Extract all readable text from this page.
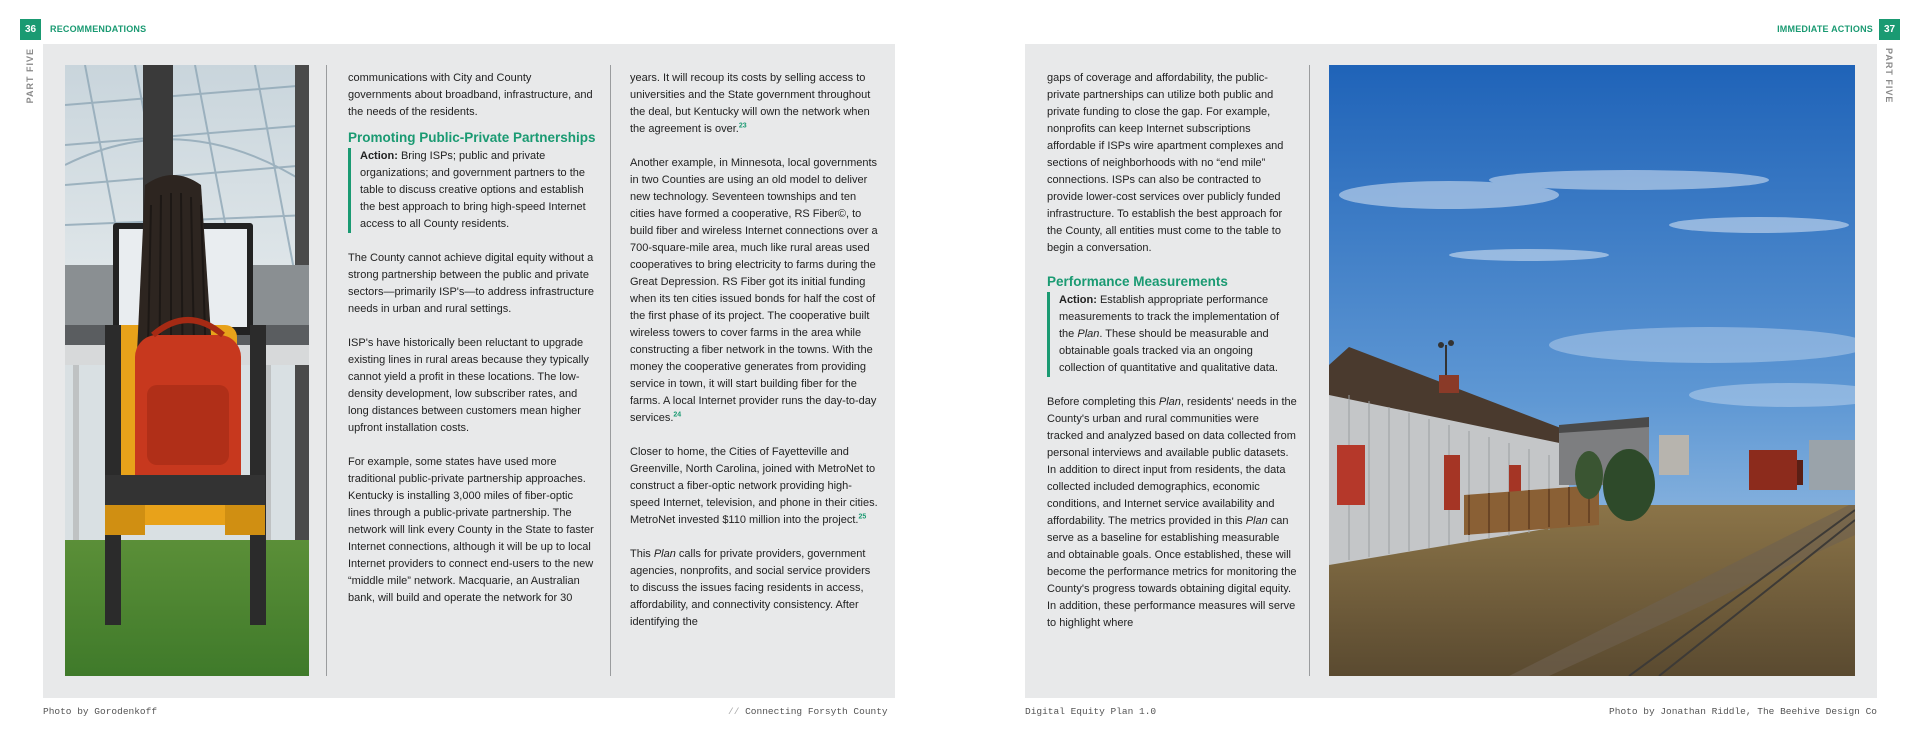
36	RECOMMENDATIONS
PART FIVE	communications with City and County governments about broadband, infrastructure, and the needs of the residents.

Promoting Public-Private Partnerships
Action: Bring ISPs; public and private organizations; and government partners to the table to discuss creative options and establish the best approach to bring high-speed Internet access to all County residents.

The County cannot achieve digital equity without a strong partnership between the public and private sectors—primarily ISP's—to address infrastructure needs in urban and rural settings.

ISP's have historically been reluctant to upgrade existing lines in rural areas because they typically cannot yield a profit in these locations. The low-density development, low subscriber rates, and long distances between customers mean higher upfront installation costs.

For example, some states have used more traditional public-private partnership approaches. Kentucky is installing 3,000 miles of fiber-optic lines through a public-private partnership. The network will link every County in the State to faster Internet connections, although it will be up to local Internet providers to connect end-users to the new “middle mile” network. Macquarie, an Australian bank, will build and operate the network for 30

years. It will recoup its costs by selling access to universities and the State government throughout the deal, but Kentucky will own the network when the agreement is over.$^{23}$

Another example, in Minnesota, local governments in two Counties are using an old model to deliver new technology. Seventeen townships and ten cities have formed a cooperative, RS Fiber©, to build fiber and wireless Internet connections over a 700-square-mile area, much like rural areas used cooperatives to bring electricity to farms during the Great Depression. RS Fiber got its initial funding when its ten cities issued bonds for half the cost of the first phase of its project. The cooperative built wireless towers to cover farms in the area while constructing a fiber network in the towns. With the money the cooperative generates from providing service in town, it will start building fiber for the farms. A local Internet provider runs the day-to-day services.$^{24}$

Closer to home, the Cities of Fayetteville and Greenville, North Carolina, joined with MetroNet to construct a fiber-optic network providing high-speed Internet, television, and phone in their cities. MetroNet invested $110 million into the project.$^{25}$

This Plan calls for private providers, government agencies, nonprofits, and social service providers to discuss the issues facing residents in access, affordability, and connectivity consistency. After identifying the

Photo by Gorodenkoff	// Connecting Forsyth County
37
IMMEDIATE ACTIONS
PART FIVE

gaps of coverage and affordability, the public-private partnerships can utilize both public and private funding to close the gap. For example, nonprofits can keep Internet subscriptions affordable if ISPs wire apartment complexes and sections of neighborhoods with no “end mile” connections. ISPs can also be contracted to provide lower-cost services over publicly funded infrastructure. To establish the best approach for the County, all entities must come to the table to begin a conversation.

Performance Measurements
Action: Establish appropriate performance measurements to track the implementation of the Plan. These should be measurable and obtainable goals tracked via an ongoing collection of quantitative and qualitative data.

Before completing this Plan, residents' needs in the County's urban and rural communities were tracked and analyzed based on data collected from personal interviews and available public datasets. In addition to direct input from residents, the data collected included demographics, economic conditions, and Internet service availability and affordability. The metrics provided in this Plan can serve as a baseline for establishing measurable and obtainable goals. Once established, these will become the performance metrics for monitoring the County's progress towards obtaining digital equity. In addition, these performance measures will serve to highlight where

Digital Equity Plan 1.0	Photo by Jonathan Riddle, The Beehive Design Co
